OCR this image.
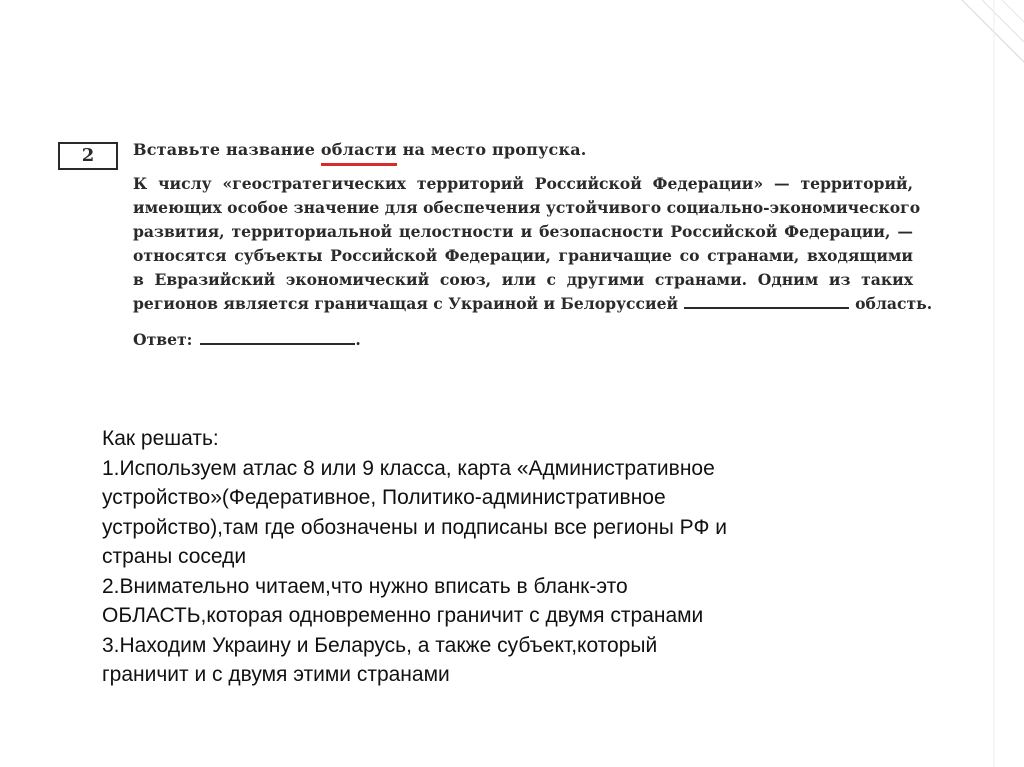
2	Вставьте название области на место пропуска.
К числу «геостратегических территорий Российской Федерации» — территорий,
имеющих особое значение для обеспечения устойчивого социально-экономического
развития, территориальной целостности и безопасности Российской Федерации, —
относятся субъекты Российской Федерации, граничащие со странами, входящими
в Евразийский экономический союз, или с другими странами. Одним из таких
регионов является граничащая с Украиной и Белоруссией	область.
Ответ:	.
Как решать:
1.Используем атлас 8 или 9 класса, карта «Административное
устройство»(Федеративное, Политико-административное
устройство),там где обозначены и подписаны все регионы РФ и
страны соседи
2.Внимательно читаем,что нужно вписать в бланк-это
ОБЛАСТЬ,которая одновременно граничит с двумя странами
3.Находим Украину и Беларусь, а также субъект,который
граничит и с двумя этими странами
